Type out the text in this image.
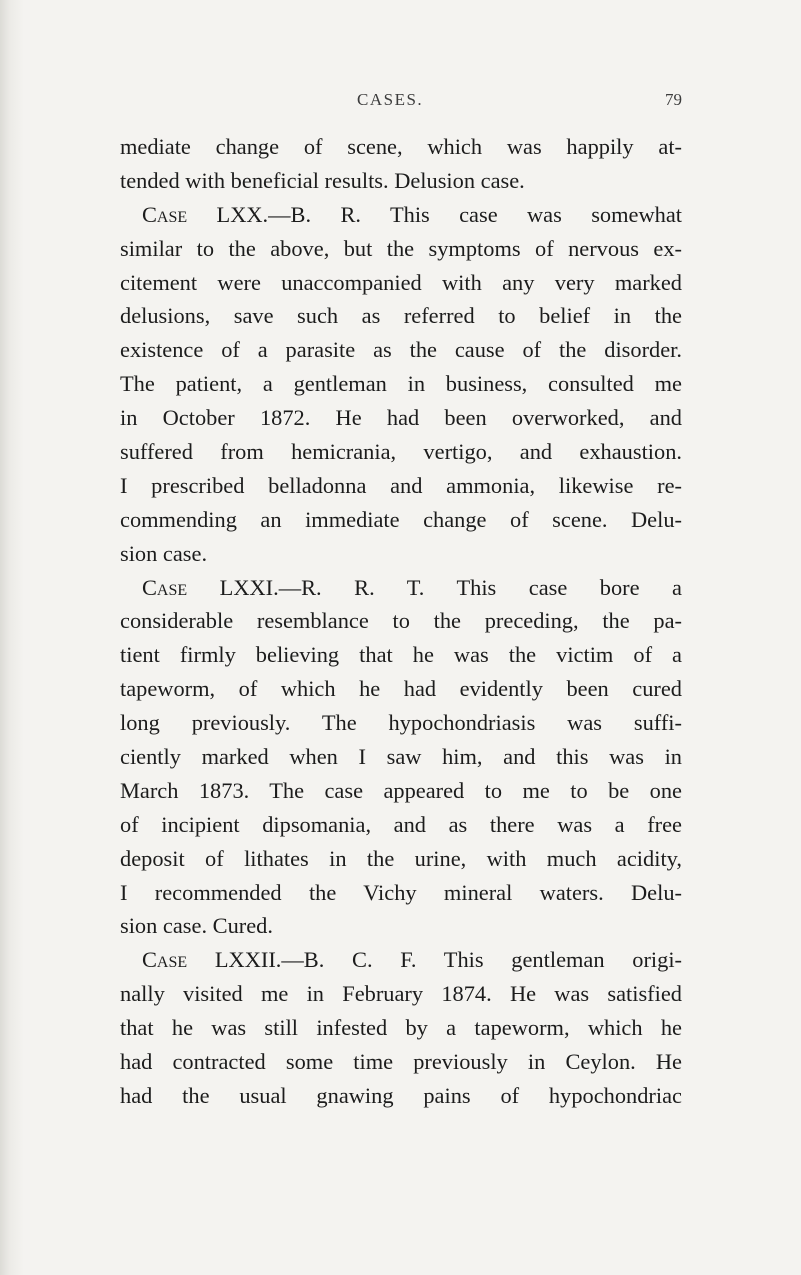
CASES.	79
mediate change of scene, which was happily at-
tended with beneficial results. Delusion case.
Case LXX.—B. R. This case was somewhat
similar to the above, but the symptoms of nervous ex-
citement were unaccompanied with any very marked
delusions, save such as referred to belief in the
existence of a parasite as the cause of the disorder.
The patient, a gentleman in business, consulted me
in October 1872. He had been overworked, and
suffered from hemicrania, vertigo, and exhaustion.
I prescribed belladonna and ammonia, likewise re-
commending an immediate change of scene. Delu-
sion case.
Case LXXI.—R. R. T. This case bore a
considerable resemblance to the preceding, the pa-
tient firmly believing that he was the victim of a
tapeworm, of which he had evidently been cured
long previously. The hypochondriasis was suffi-
ciently marked when I saw him, and this was in
March 1873. The case appeared to me to be one
of incipient dipsomania, and as there was a free
deposit of lithates in the urine, with much acidity,
I recommended the Vichy mineral waters. Delu-
sion case. Cured.
Case LXXII.—B. C. F. This gentleman origi-
nally visited me in February 1874. He was satisfied
that he was still infested by a tapeworm, which he
had contracted some time previously in Ceylon. He
had the usual gnawing pains of hypochondriac
